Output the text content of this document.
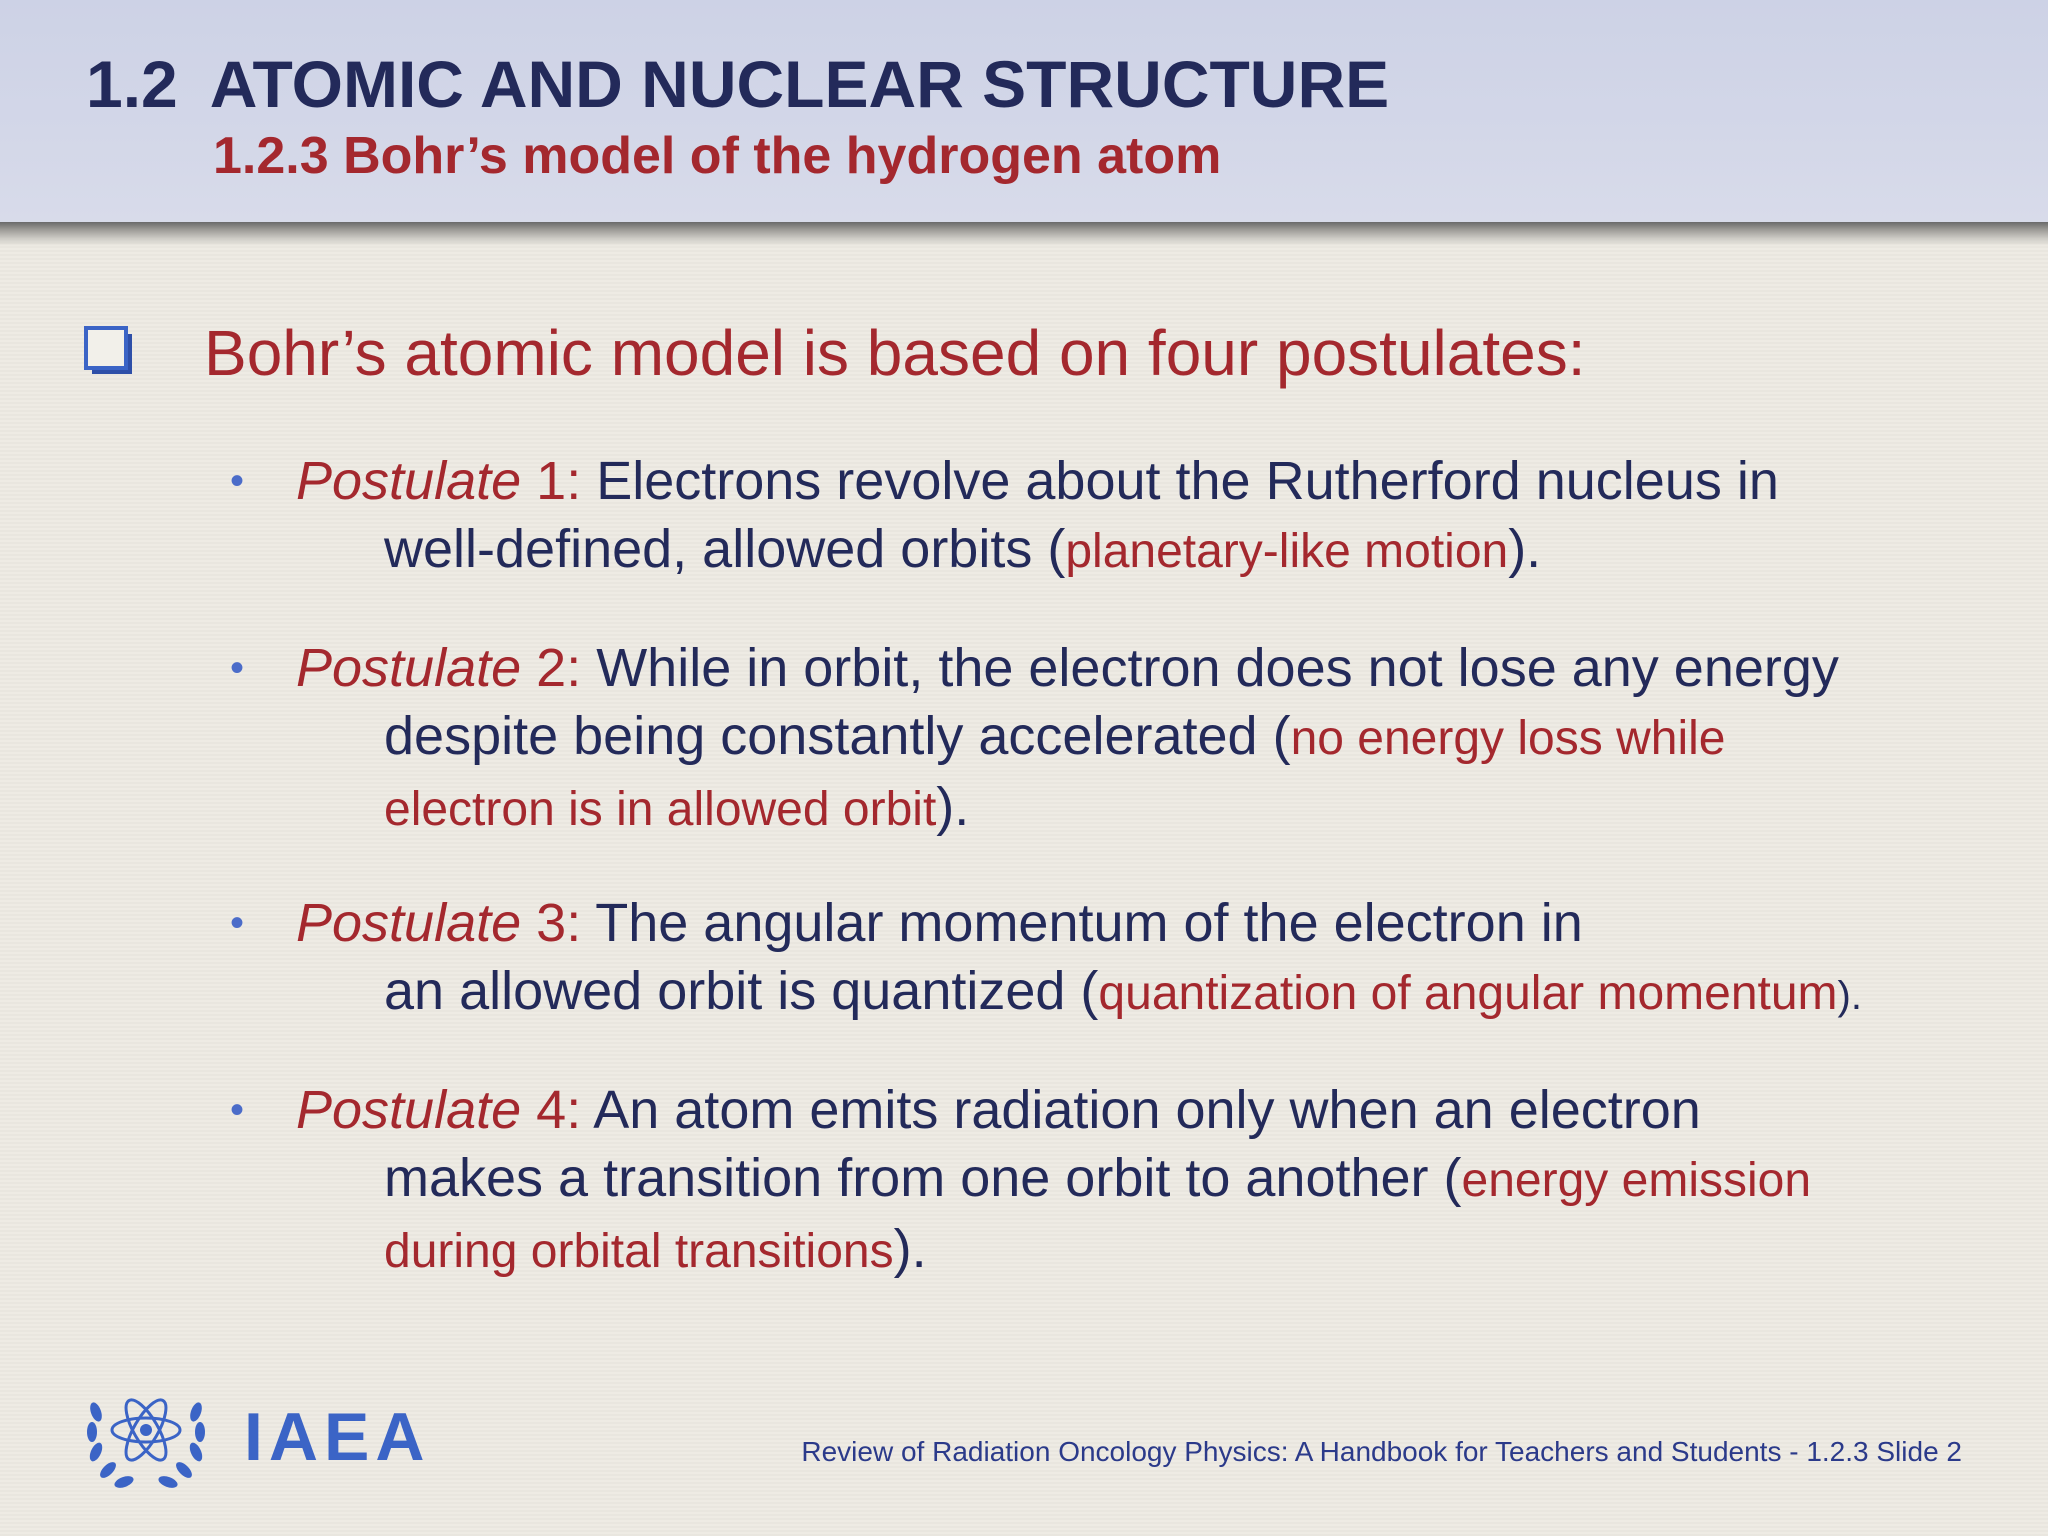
1.2 ATOMIC AND NUCLEAR STRUCTURE
1.2.3 Bohr’s model of the hydrogen atom

Bohr’s atomic model is based on four postulates:

• Postulate 1: Electrons revolve about the Rutherford nucleus in
well-defined, allowed orbits (planetary-like motion).
• Postulate 2: While in orbit, the electron does not lose any energy
despite being constantly accelerated (no energy loss while
electron is in allowed orbit).
• Postulate 3: The angular momentum of the electron in
an allowed orbit is quantized (quantization of angular momentum).
• Postulate 4: An atom emits radiation only when an electron
makes a transition from one orbit to another (energy emission
during orbital transitions).
IAEA	Review of Radiation Oncology Physics: A Handbook for Teachers and Students - 1.2.3 Slide 2
